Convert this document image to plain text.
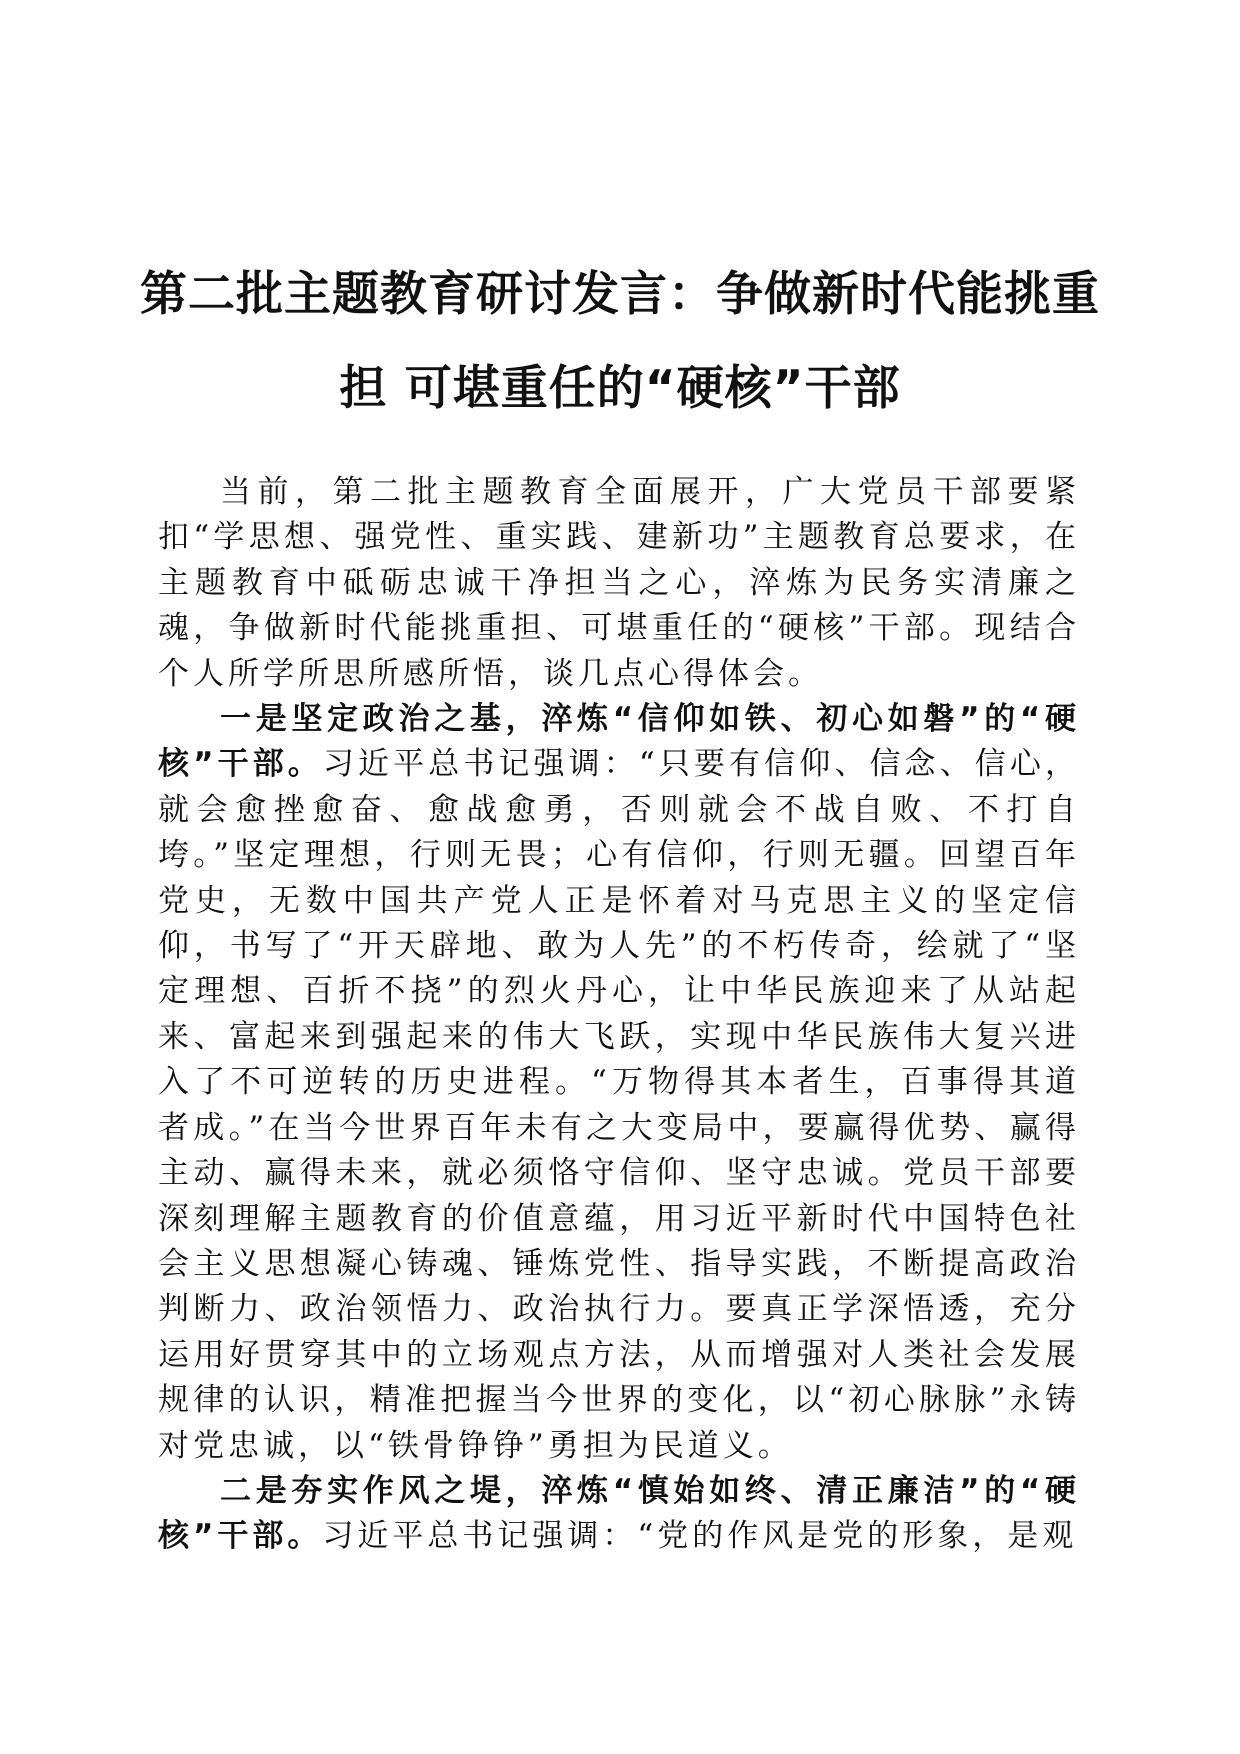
第二批主题教育研讨发言：争做新时代能挑重
担 可堪重任的“硬核”干部

当前，第二批主题教育全面展开，广大党员干部要紧扣“学思想、强党性、重实践、建新功”主题教育总要求，在主题教育中砥砺忠诚干净担当之心，淬炼为民务实清廉之魂，争做新时代能挑重担、可堪重任的“硬核”干部。现结合个人所学所思所感所悟，谈几点心得体会。

一是坚定政治之基，淬炼“信仰如铁、初心如磐”的“硬核”干部。习近平总书记强调：“只要有信仰、信念、信心，就会愈挫愈奋、愈战愈勇，否则就会不战自败、不打自垮。”坚定理想，行则无畏；心有信仰，行则无疆。回望百年党史，无数中国共产党人正是怀着对马克思主义的坚定信仰，书写了“开天辟地、敢为人先”的不朽传奇，绘就了“坚定理想、百折不挠”的烈火丹心，让中华民族迎来了从站起来、富起来到强起来的伟大飞跃，实现中华民族伟大复兴进入了不可逆转的历史进程。“万物得其本者生，百事得其道者成。”在当今世界百年未有之大变局中，要赢得优势、赢得主动、赢得未来，就必须恪守信仰、坚守忠诚。党员干部要深刻理解主题教育的价值意蕴，用习近平新时代中国特色社会主义思想凝心铸魂、锤炼党性、指导实践，不断提高政治判断力、政治领悟力、政治执行力。要真正学深悟透，充分运用好贯穿其中的立场观点方法，从而增强对人类社会发展规律的认识，精准把握当今世界的变化，以“初心脉脉”永铸对党忠诚，以“铁骨铮铮”勇担为民道义。

二是夯实作风之堤，淬炼“慎始如终、清正廉洁”的“硬核”干部。习近平总书记强调：“党的作风是党的形象，是观
